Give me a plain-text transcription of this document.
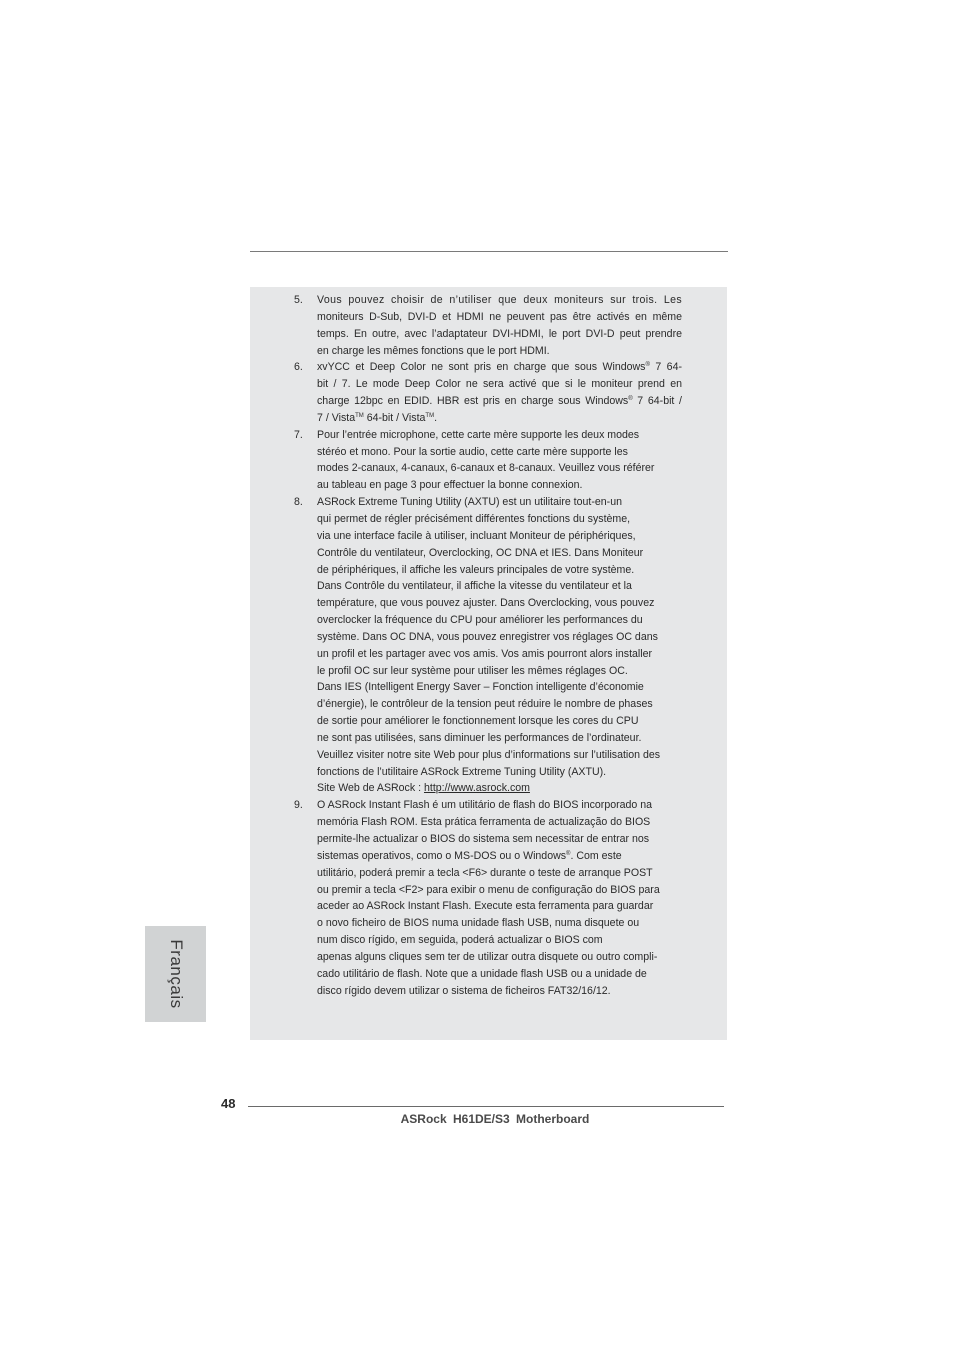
5. Vous pouvez choisir de n’utiliser que deux moniteurs sur trois. Les
moniteurs D-Sub, DVI-D et HDMI ne peuvent pas être activés en même
temps. En outre, avec l’adaptateur DVI-HDMI, le port DVI-D peut prendre
en charge les mêmes fonctions que le port HDMI.
6. xvYCC et Deep Color ne sont pris en charge que sous Windows® 7 64-
bit / 7. Le mode Deep Color ne sera activé que si le moniteur prend en
charge 12bpc en EDID. HBR est pris en charge sous Windows® 7 64-bit /
7 / Vista™ 64-bit / Vista™.
7. Pour l’entrée microphone, cette carte mère supporte les deux modes
stéréo et mono. Pour la sortie audio, cette carte mère supporte les
modes 2-canaux, 4-canaux, 6-canaux et 8-canaux. Veuillez vous référer
au tableau en page 3 pour effectuer la bonne connexion.
8. ASRock Extreme Tuning Utility (AXTU) est un utilitaire tout-en-un
qui permet de régler précisément différentes fonctions du système,
via une interface facile à utiliser, incluant Moniteur de périphériques,
Contrôle du ventilateur, Overclocking, OC DNA et IES. Dans Moniteur
de périphériques, il affiche les valeurs principales de votre système.
Dans Contrôle du ventilateur, il affiche la vitesse du ventilateur et la
température, que vous pouvez ajuster. Dans Overclocking, vous pouvez
overclocker la fréquence du CPU pour améliorer les performances du
système. Dans OC DNA, vous pouvez enregistrer vos réglages OC dans
un profil et les partager avec vos amis. Vos amis pourront alors installer
le profil OC sur leur système pour utiliser les mêmes réglages OC.
Dans IES (Intelligent Energy Saver – Fonction intelligente d’économie
d’énergie), le contrôleur de la tension peut réduire le nombre de phases
de sortie pour améliorer le fonctionnement lorsque les cores du CPU
ne sont pas utilisées, sans diminuer les performances de l’ordinateur.
Veuillez visiter notre site Web pour plus d’informations sur l’utilisation des
fonctions de l’utilitaire ASRock Extreme Tuning Utility (AXTU).
Site Web de ASRock : http://www.asrock.com
9. O ASRock Instant Flash é um utilitário de flash do BIOS incorporado na
memória Flash ROM. Esta prática ferramenta de actualização do BIOS
permite-lhe actualizar o BIOS do sistema sem necessitar de entrar nos
sistemas operativos, como o MS-DOS ou o Windows®. Com este
utilitário, poderá premir a tecla <F6> durante o teste de arranque POST
ou premir a tecla <F2> para exibir o menu de configuração do BIOS para
aceder ao ASRock Instant Flash. Execute esta ferramenta para guardar
o novo ficheiro de BIOS numa unidade flash USB, numa disquete ou
num disco rígido, em seguida, poderá actualizar o BIOS com
apenas alguns cliques sem ter de utilizar outra disquete ou outro compli-
cado utilitário de flash. Note que a unidade flash USB ou a unidade de
disco rígido devem utilizar o sistema de ficheiros FAT32/16/12.
Français
48
ASRock H61DE/S3 Motherboard
